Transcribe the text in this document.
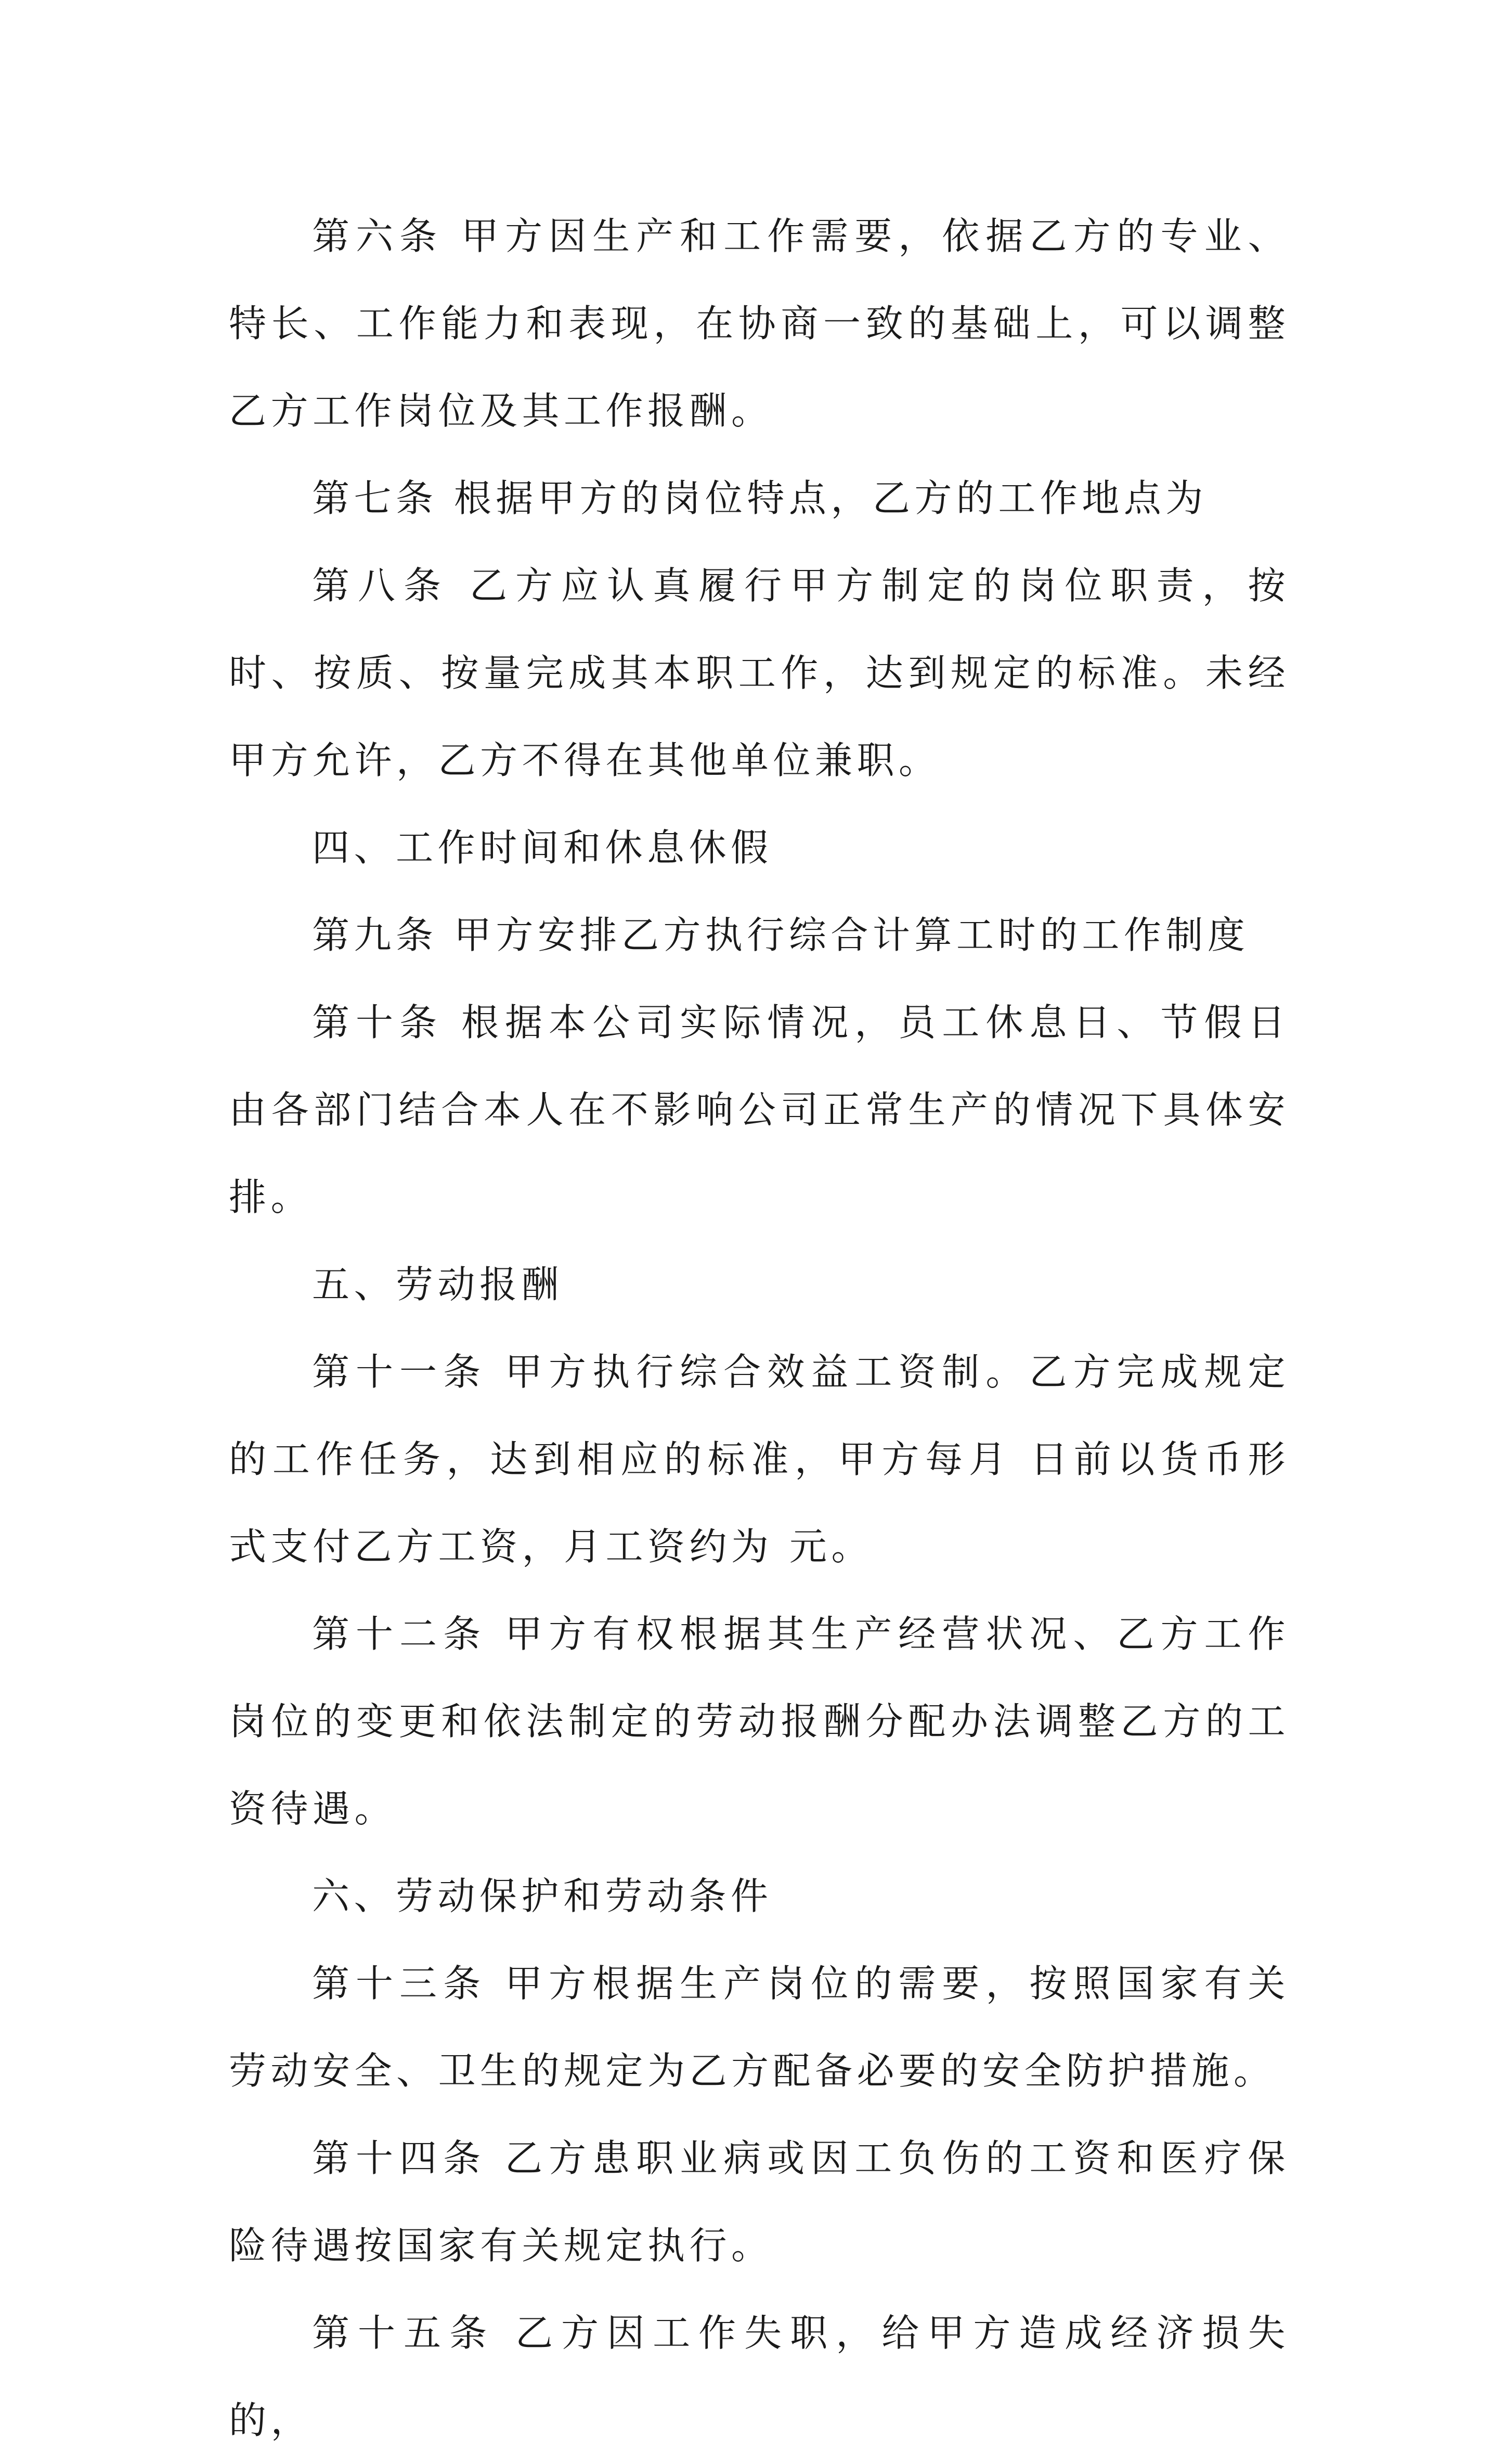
第六条 甲方因生产和工作需要，依据乙方的专业、特长、工作能力和表现，在协商一致的基础上，可以调整乙方工作岗位及其工作报酬。

第七条 根据甲方的岗位特点，乙方的工作地点为

第八条 乙方应认真履行甲方制定的岗位职责，按时、按质、按量完成其本职工作，达到规定的标准。未经甲方允许，乙方不得在其他单位兼职。

四、工作时间和休息休假

第九条 甲方安排乙方执行综合计算工时的工作制度

第十条 根据本公司实际情况，员工休息日、节假日由各部门结合本人在不影响公司正常生产的情况下具体安排。

五、劳动报酬

第十一条 甲方执行综合效益工资制。乙方完成规定的工作任务，达到相应的标准，甲方每月 日前以货币形式支付乙方工资，月工资约为 元。

第十二条 甲方有权根据其生产经营状况、乙方工作岗位的变更和依法制定的劳动报酬分配办法调整乙方的工资待遇。

六、劳动保护和劳动条件

第十三条 甲方根据生产岗位的需要，按照国家有关劳动安全、卫生的规定为乙方配备必要的安全防护措施。

第十四条 乙方患职业病或因工负伤的工资和医疗保险待遇按国家有关规定执行。

第十五条 乙方因工作失职，给甲方造成经济损失的，
